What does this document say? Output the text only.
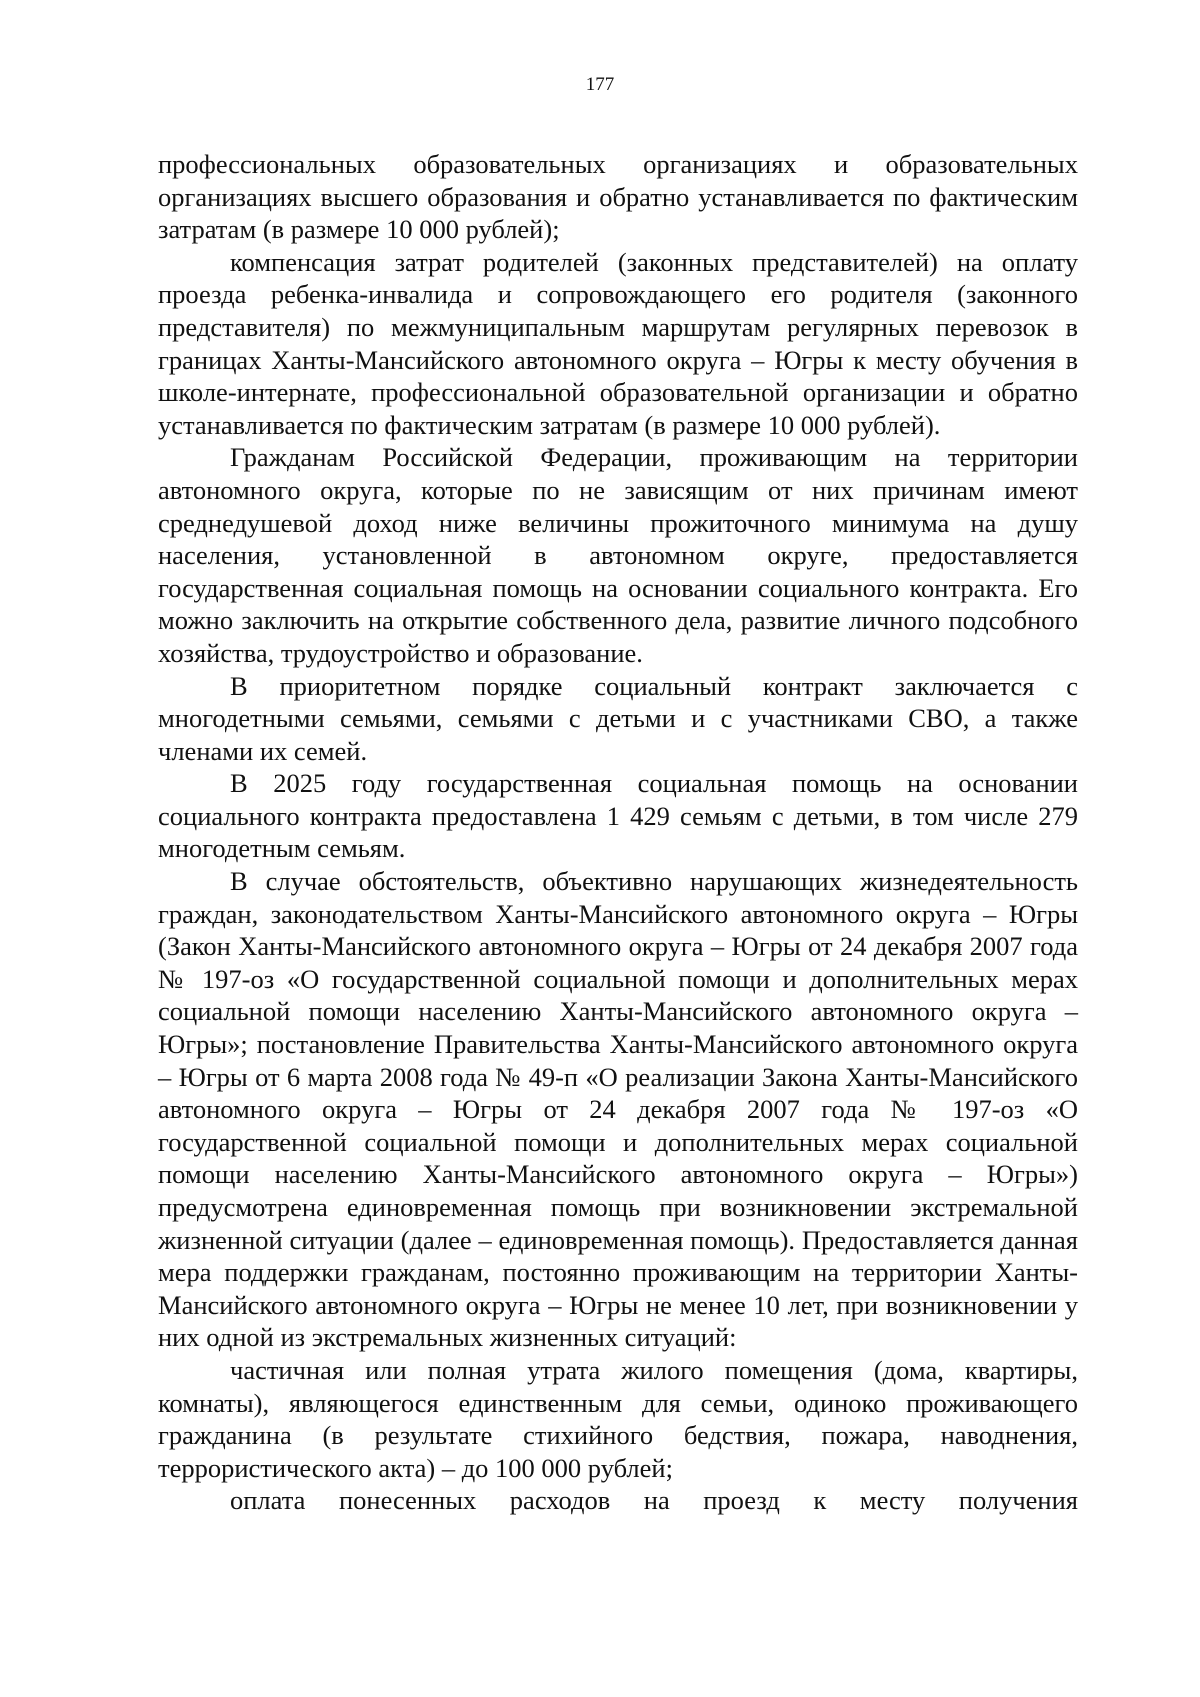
177

профессиональных образовательных организациях и образовательных организациях высшего образования и обратно устанавливается по фактическим затратам (в размере 10 000 рублей);

компенсация затрат родителей (законных представителей) на оплату проезда ребенка-инвалида и сопровождающего его родителя (законного представителя) по межмуниципальным маршрутам регулярных перевозок в границах Ханты-Мансийского автономного округа – Югры к месту обучения в школе-интернате, профессиональной образовательной организации и обратно устанавливается по фактическим затратам (в размере 10 000 рублей).

Гражданам Российской Федерации, проживающим на территории автономного округа, которые по не зависящим от них причинам имеют среднедушевой доход ниже величины прожиточного минимума на душу населения, установленной в автономном округе, предоставляется государственная социальная помощь на основании социального контракта. Его можно заключить на открытие собственного дела, развитие личного подсобного хозяйства, трудоустройство и образование.

В приоритетном порядке социальный контракт заключается с многодетными семьями, семьями с детьми и с участниками СВО, а также членами их семей.

В 2025 году государственная социальная помощь на основании социального контракта предоставлена 1 429 семьям с детьми, в том числе 279 многодетным семьям.

В случае обстоятельств, объективно нарушающих жизнедеятельность граждан, законодательством Ханты-Мансийского автономного округа – Югры (Закон Ханты-Мансийского автономного округа – Югры от 24 декабря 2007 года № 197-оз «О государственной социальной помощи и дополнительных мерах социальной помощи населению Ханты-Мансийского автономного округа – Югры»; постановление Правительства Ханты-Мансийского автономного округа – Югры от 6 марта 2008 года № 49-п «О реализации Закона Ханты-Мансийского автономного округа – Югры от 24 декабря 2007 года № 197-оз «О государственной социальной помощи и дополнительных мерах социальной помощи населению Ханты-Мансийского автономного округа – Югры») предусмотрена единовременная помощь при возникновении экстремальной жизненной ситуации (далее – единовременная помощь). Предоставляется данная мера поддержки гражданам, постоянно проживающим на территории Ханты-Мансийского автономного округа – Югры не менее 10 лет, при возникновении у них одной из экстремальных жизненных ситуаций:

частичная или полная утрата жилого помещения (дома, квартиры, комнаты), являющегося единственным для семьи, одиноко проживающего гражданина (в результате стихийного бедствия, пожара, наводнения, террористического акта) – до 100 000 рублей;

оплата понесенных расходов на проезд к месту получения
